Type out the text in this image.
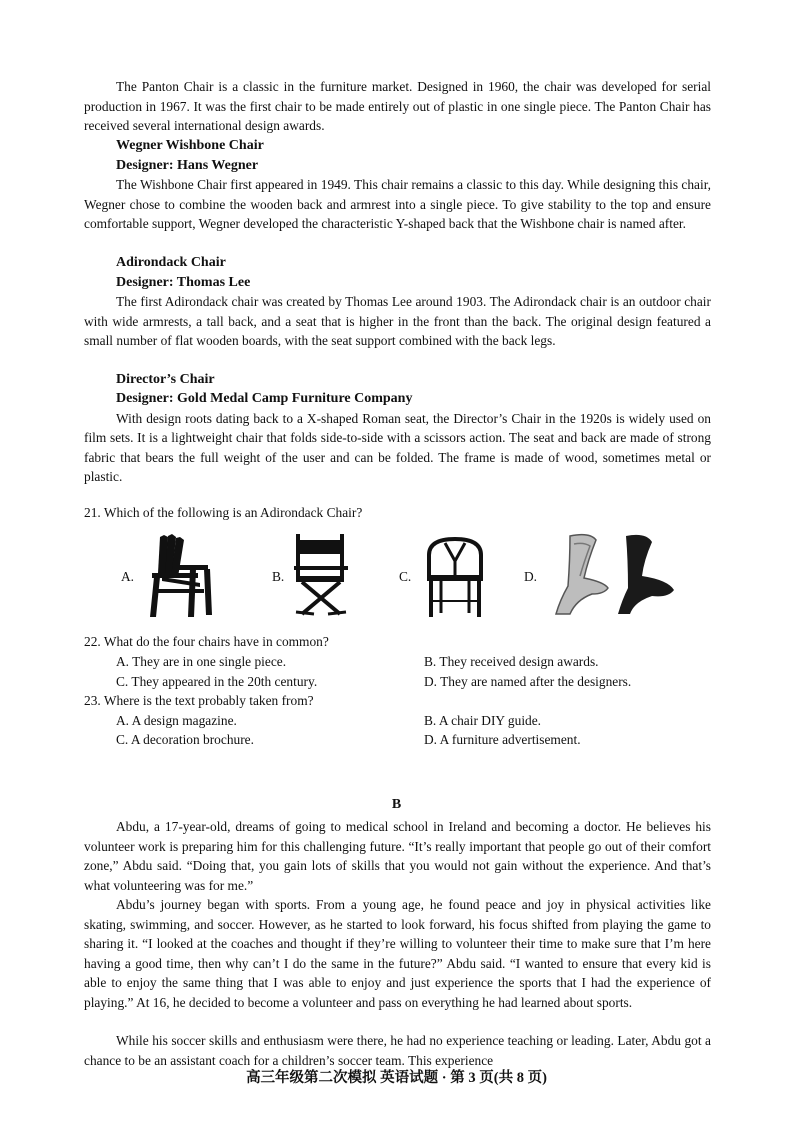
The Panton Chair is a classic in the furniture market. Designed in 1960, the chair was developed for serial production in 1967. It was the first chair to be made entirely out of plastic in one single piece. The Panton Chair has received several international design awards.

Wegner Wishbone Chair

Designer: Hans Wegner

The Wishbone Chair first appeared in 1949. This chair remains a classic to this day. While designing this chair, Wegner chose to combine the wooden back and armrest into a single piece. To give stability to the top and ensure comfortable support, Wegner developed the characteristic Y-shaped back that the Wishbone chair is named after.

Adirondack Chair

Designer: Thomas Lee

The first Adirondack chair was created by Thomas Lee around 1903. The Adirondack chair is an outdoor chair with wide armrests, a tall back, and a seat that is higher in the front than the back. The original design featured a small number of flat wooden boards, with the seat support combined with the back legs.

Director’s Chair

Designer: Gold Medal Camp Furniture Company

With design roots dating back to a X-shaped Roman seat, the Director’s Chair in the 1920s is widely used on film sets. It is a lightweight chair that folds side-to-side with a scissors action. The seat and back are made of strong fabric that bears the full weight of the user and can be folded. The frame is made of wood, sometimes metal or plastic.

21. Which of the following is an Adirondack Chair?

A.	B.	C.	D.

22. What do the four chairs have in common?

A. They are in one single piece.	B. They received design awards.

C. They appeared in the 20th century.	D. They are named after the designers.

23. Where is the text probably taken from?

A. A design magazine.	B. A chair DIY guide.

C. A decoration brochure.	D. A furniture advertisement.

B

Abdu, a 17-year-old, dreams of going to medical school in Ireland and becoming a doctor. He believes his volunteer work is preparing him for this challenging future. “It’s really important that people go out of their comfort zone,” Abdu said. “Doing that, you gain lots of skills that you would not gain without the experience. And that’s what volunteering was for me.”

Abdu’s journey began with sports. From a young age, he found peace and joy in physical activities like skating, swimming, and soccer. However, as he started to look forward, his focus shifted from playing the game to sharing it. “I looked at the coaches and thought if they’re willing to volunteer their time to make sure that I’m here having a good time, then why can’t I do the same in the future?” Abdu said. “I wanted to ensure that every kid is able to enjoy the same thing that I was able to enjoy and just experience the sports that I had the experience of playing.” At 16, he decided to become a volunteer and pass on everything he had learned about sports.

While his soccer skills and enthusiasm were there, he had no experience teaching or leading. Later, Abdu got a chance to be an assistant coach for a children’s soccer team. This experience

高三年级第二次模拟 英语试题 · 第 3 页(共 8 页)
